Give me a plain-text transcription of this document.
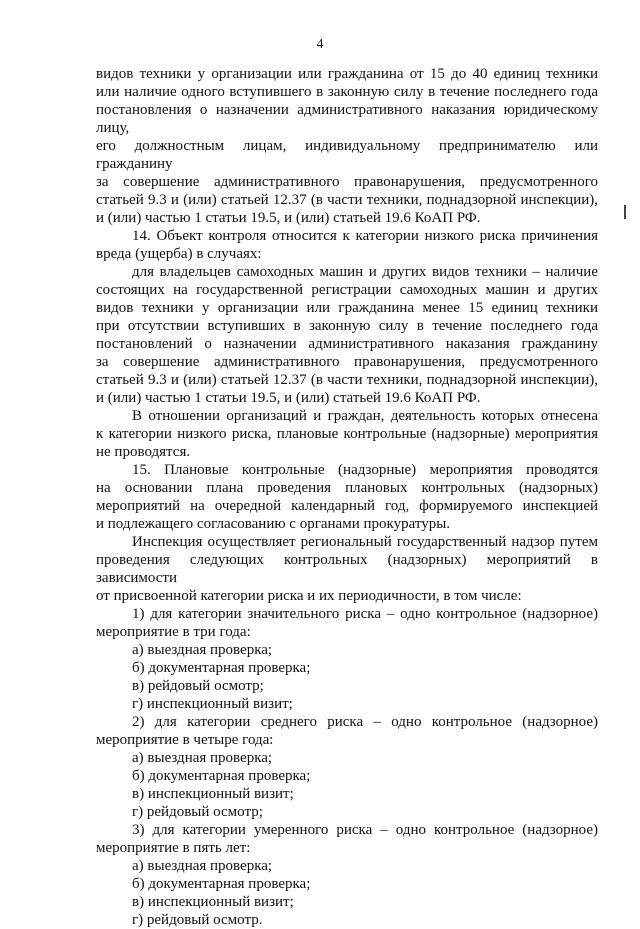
4

видов техники у организации или гражданина от 15 до 40 единиц техники

или наличие одного вступившего в законную силу в течение последнего года

постановления о назначении административного наказания юридическому лицу,

его должностным лицам, индивидуальному предпринимателю или гражданину

за совершение административного правонарушения, предусмотренного

статьей 9.3 и (или) статьей 12.37 (в части техники, поднадзорной инспекции),

и (или) частью 1 статьи 19.5, и (или) статьей 19.6 КоАП РФ.

14. Объект контроля относится к категории низкого риска причинения

вреда (ущерба) в случаях:

для владельцев самоходных машин и других видов техники – наличие

состоящих на государственной регистрации самоходных машин и других

видов техники у организации или гражданина менее 15 единиц техники

при отсутствии вступивших в законную силу в течение последнего года

постановлений о назначении административного наказания гражданину

за совершение административного правонарушения, предусмотренного

статьей 9.3 и (или) статьей 12.37 (в части техники, поднадзорной инспекции),

и (или) частью 1 статьи 19.5, и (или) статьей 19.6 КоАП РФ.

В отношении организаций и граждан, деятельность которых отнесена

к категории низкого риска, плановые контрольные (надзорные) мероприятия

не проводятся.

15. Плановые контрольные (надзорные) мероприятия проводятся

на основании плана проведения плановых контрольных (надзорных)

мероприятий на очередной календарный год, формируемого инспекцией

и подлежащего согласованию с органами прокуратуры.

Инспекция осуществляет региональный государственный надзор путем

проведения следующих контрольных (надзорных) мероприятий в зависимости

от присвоенной категории риска и их периодичности, в том числе:

1) для категории значительного риска – одно контрольное (надзорное)

мероприятие в три года:

а) выездная проверка;

б) документарная проверка;

в) рейдовый осмотр;

г) инспекционный визит;

2) для категории среднего риска – одно контрольное (надзорное)

мероприятие в четыре года:

а) выездная проверка;

б) документарная проверка;

в) инспекционный визит;

г) рейдовый осмотр;

3) для категории умеренного риска – одно контрольное (надзорное)

мероприятие в пять лет:

а) выездная проверка;

б) документарная проверка;

в) инспекционный визит;

г) рейдовый осмотр.
